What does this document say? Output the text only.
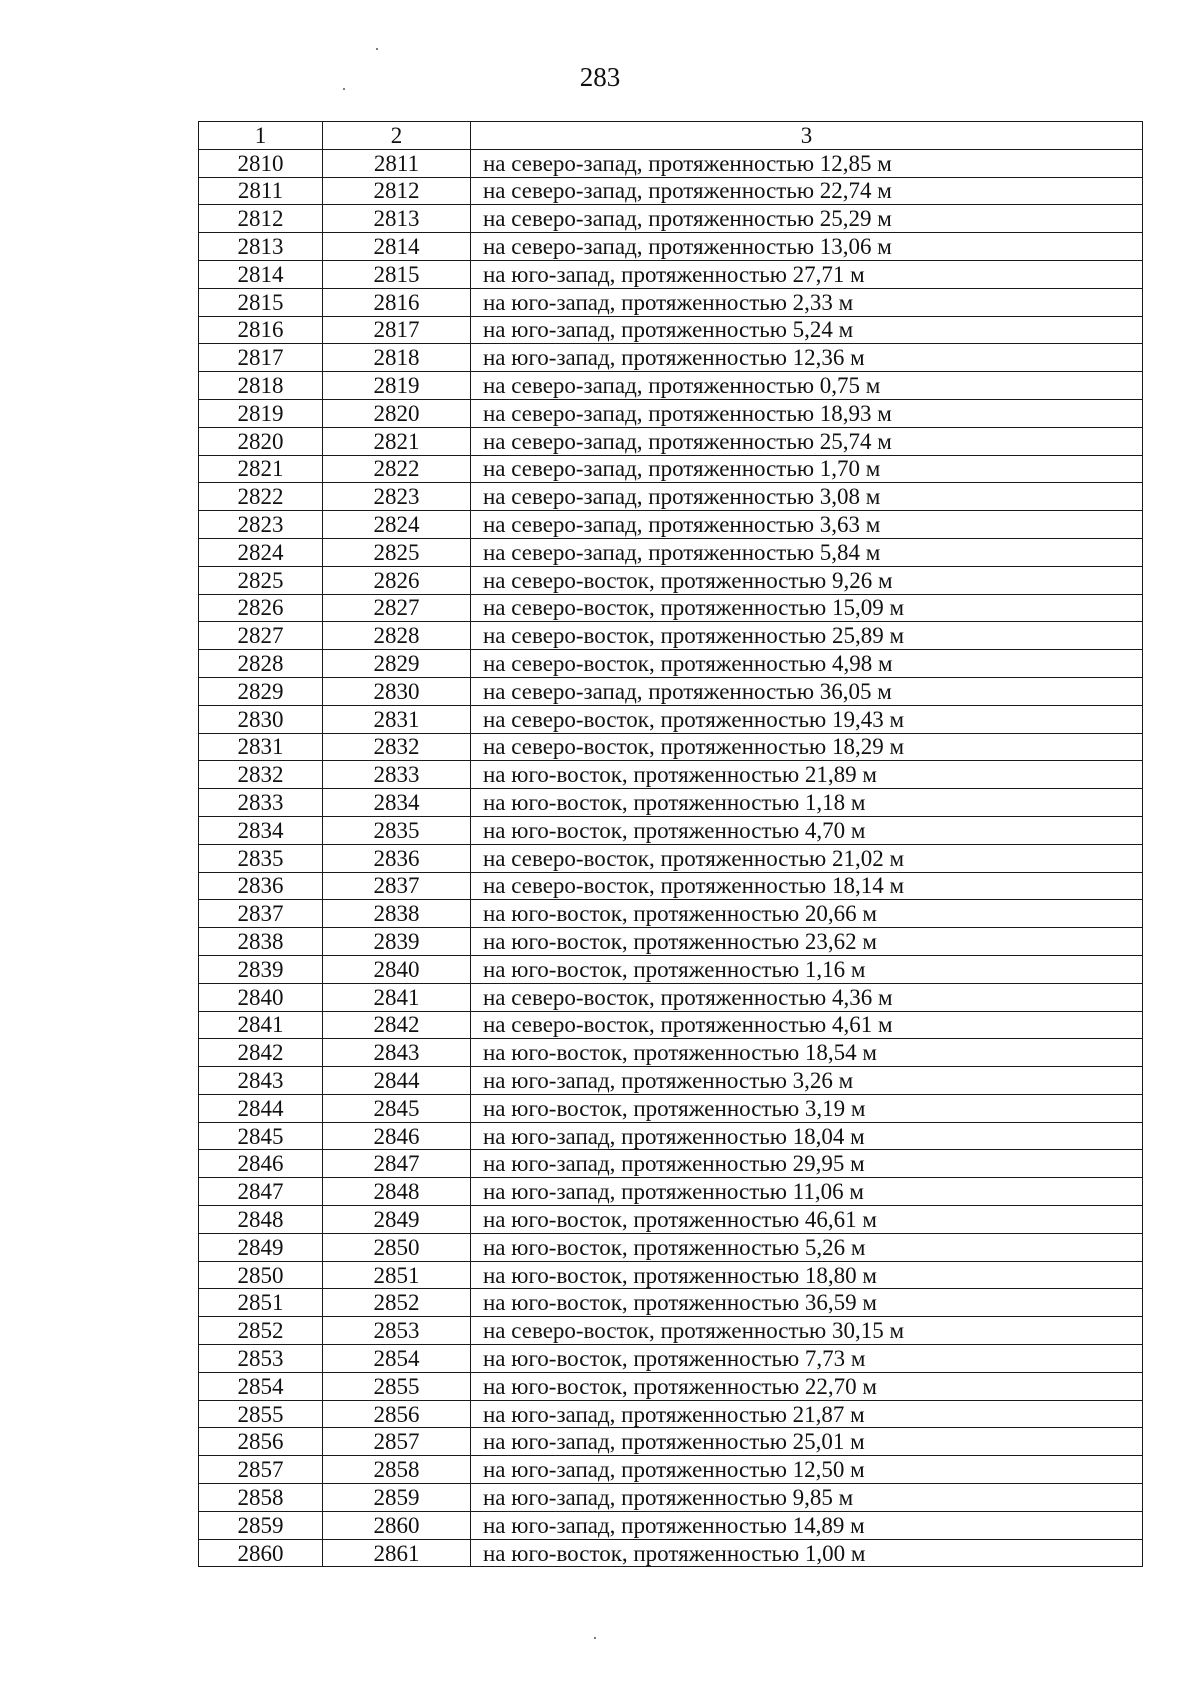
283
1	2	3
2810	2811	на северо-запад, протяженностью 12,85 м
2811	2812	на северо-запад, протяженностью 22,74 м
2812	2813	на северо-запад, протяженностью 25,29 м
2813	2814	на северо-запад, протяженностью 13,06 м
2814	2815	на юго-запад, протяженностью 27,71 м
2815	2816	на юго-запад, протяженностью 2,33 м
2816	2817	на юго-запад, протяженностью 5,24 м
2817	2818	на юго-запад, протяженностью 12,36 м
2818	2819	на северо-запад, протяженностью 0,75 м
2819	2820	на северо-запад, протяженностью 18,93 м
2820	2821	на северо-запад, протяженностью 25,74 м
2821	2822	на северо-запад, протяженностью 1,70 м
2822	2823	на северо-запад, протяженностью 3,08 м
2823	2824	на северо-запад, протяженностью 3,63 м
2824	2825	на северо-запад, протяженностью 5,84 м
2825	2826	на северо-восток, протяженностью 9,26 м
2826	2827	на северо-восток, протяженностью 15,09 м
2827	2828	на северо-восток, протяженностью 25,89 м
2828	2829	на северо-восток, протяженностью 4,98 м
2829	2830	на северо-запад, протяженностью 36,05 м
2830	2831	на северо-восток, протяженностью 19,43 м
2831	2832	на северо-восток, протяженностью 18,29 м
2832	2833	на юго-восток, протяженностью 21,89 м
2833	2834	на юго-восток, протяженностью 1,18 м
2834	2835	на юго-восток, протяженностью 4,70 м
2835	2836	на северо-восток, протяженностью 21,02 м
2836	2837	на северо-восток, протяженностью 18,14 м
2837	2838	на юго-восток, протяженностью 20,66 м
2838	2839	на юго-восток, протяженностью 23,62 м
2839	2840	на юго-восток, протяженностью 1,16 м
2840	2841	на северо-восток, протяженностью 4,36 м
2841	2842	на северо-восток, протяженностью 4,61 м
2842	2843	на юго-восток, протяженностью 18,54 м
2843	2844	на юго-запад, протяженностью 3,26 м
2844	2845	на юго-восток, протяженностью 3,19 м
2845	2846	на юго-запад, протяженностью 18,04 м
2846	2847	на юго-запад, протяженностью 29,95 м
2847	2848	на юго-запад, протяженностью 11,06 м
2848	2849	на юго-восток, протяженностью 46,61 м
2849	2850	на юго-восток, протяженностью 5,26 м
2850	2851	на юго-восток, протяженностью 18,80 м
2851	2852	на юго-восток, протяженностью 36,59 м
2852	2853	на северо-восток, протяженностью 30,15 м
2853	2854	на юго-восток, протяженностью 7,73 м
2854	2855	на юго-восток, протяженностью 22,70 м
2855	2856	на юго-запад, протяженностью 21,87 м
2856	2857	на юго-запад, протяженностью 25,01 м
2857	2858	на юго-запад, протяженностью 12,50 м
2858	2859	на юго-запад, протяженностью 9,85 м
2859	2860	на юго-запад, протяженностью 14,89 м
2860	2861	на юго-восток, протяженностью 1,00 м
